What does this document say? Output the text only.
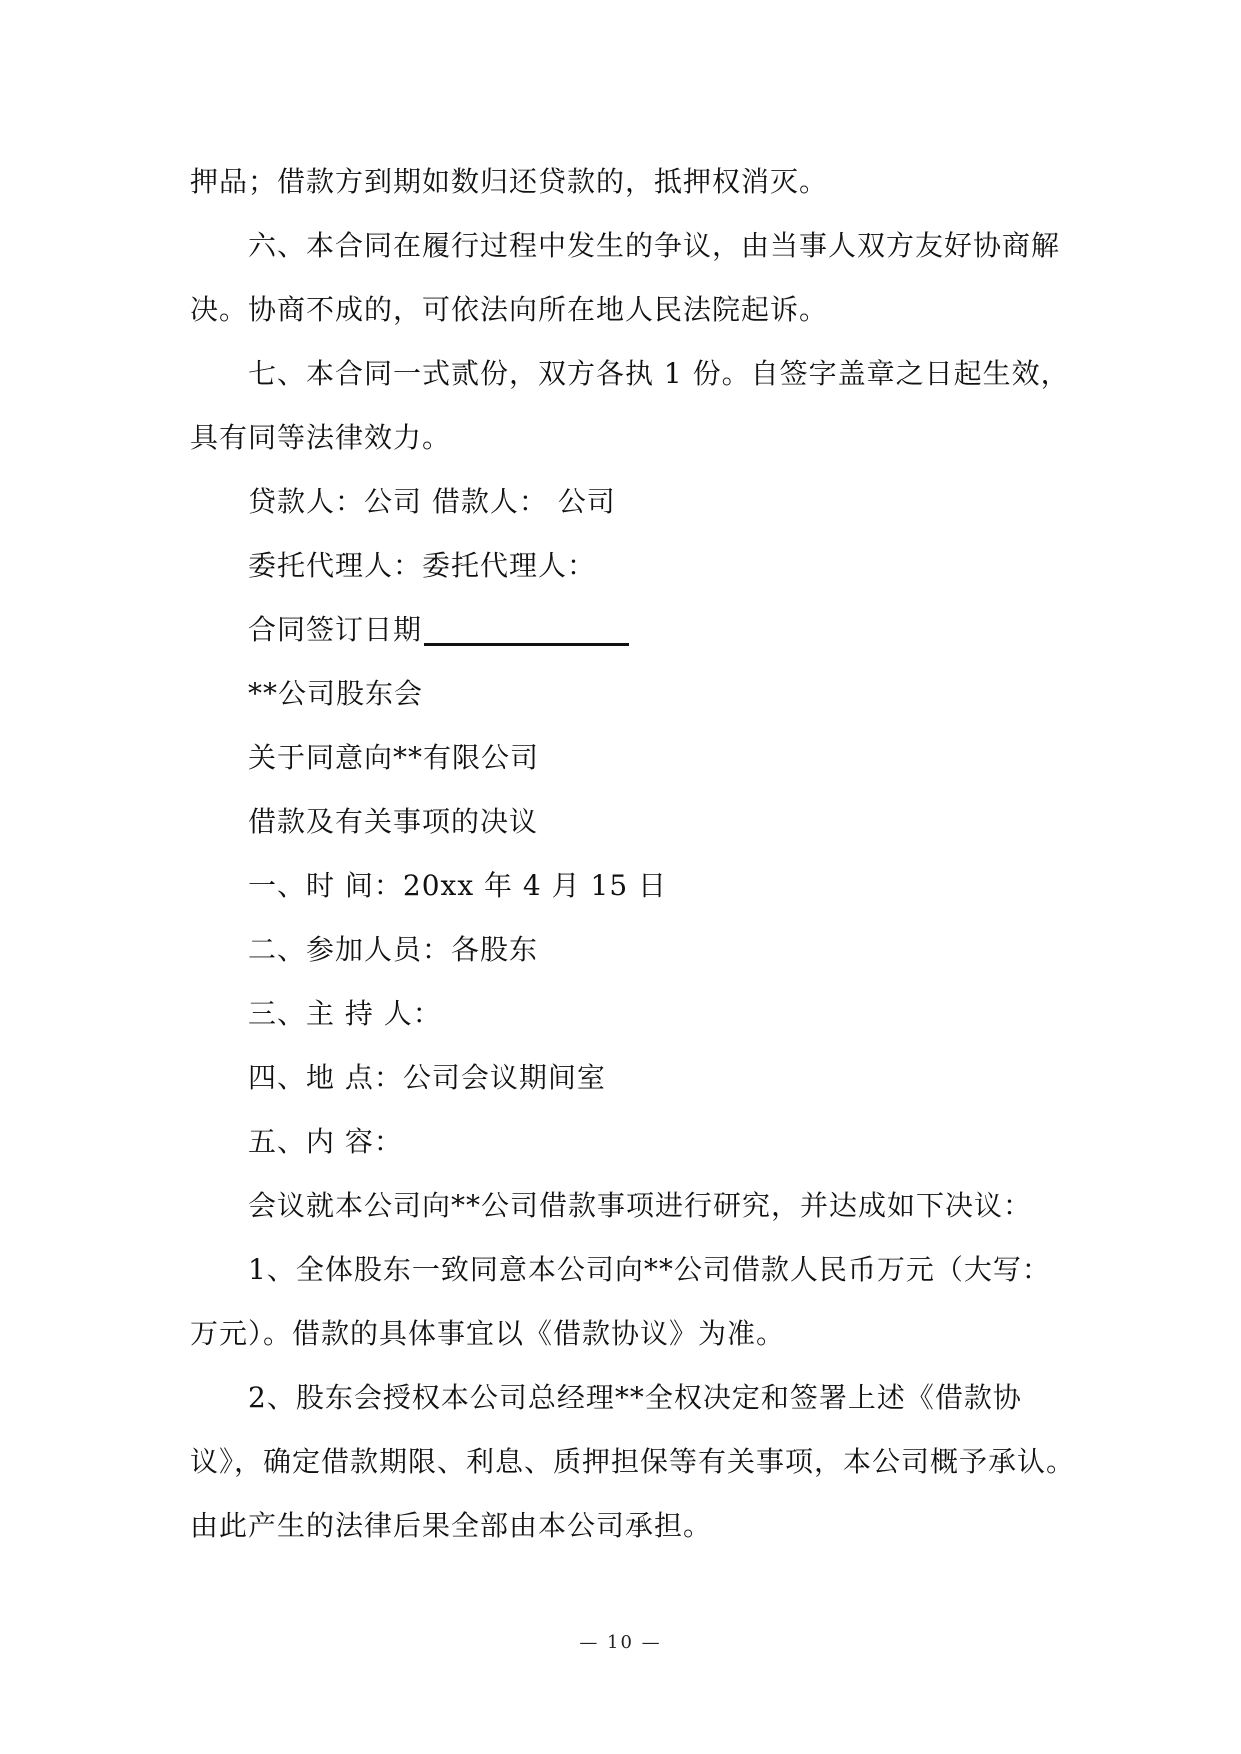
押品；借款方到期如数归还贷款的，抵押权消灭。
六、本合同在履行过程中发生的争议，由当事人双方友好协商解
决。协商不成的，可依法向所在地人民法院起诉。
七、本合同一式贰份，双方各执 1 份。自签字盖章之日起生效，
具有同等法律效力。
贷款人：公司 借款人： 公司
委托代理人：委托代理人：
合同签订日期
**公司股东会
关于同意向**有限公司
借款及有关事项的决议
一、时 间：20xx 年 4 月 15 日
二、参加人员：各股东
三、主 持 人：
四、地 点：公司会议期间室
五、内 容：
会议就本公司向**公司借款事项进行研究，并达成如下决议：
1、全体股东一致同意本公司向**公司借款人民币万元（大写：
万元）。借款的具体事宜以《借款协议》为准。
2、股东会授权本公司总经理**全权决定和签署上述《借款协
议》，确定借款期限、利息、质押担保等有关事项，本公司概予承认。
由此产生的法律后果全部由本公司承担。
— 10 —
